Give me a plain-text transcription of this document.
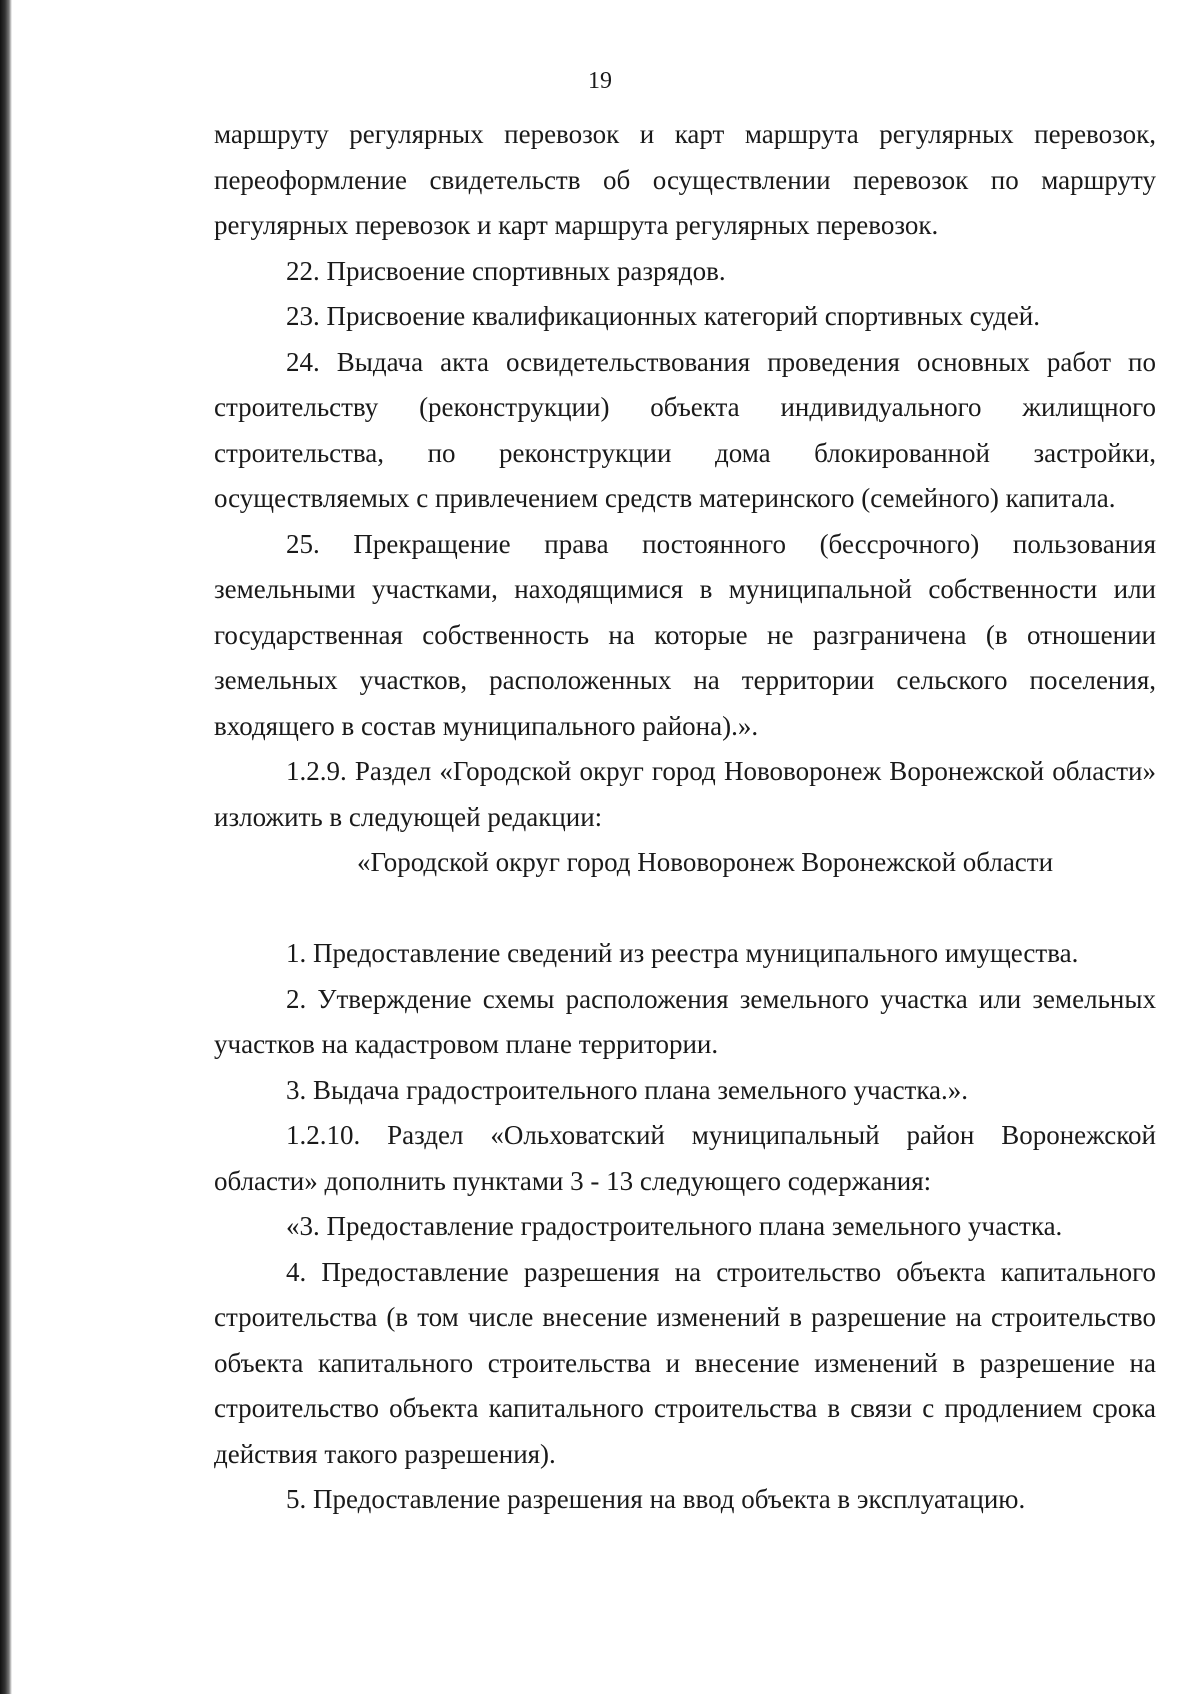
19

маршруту регулярных перевозок и карт маршрута регулярных перевозок, переоформление свидетельств об осуществлении перевозок по маршруту регулярных перевозок и карт маршрута регулярных перевозок.

22. Присвоение спортивных разрядов.

23. Присвоение квалификационных категорий спортивных судей.

24. Выдача акта освидетельствования проведения основных работ по строительству (реконструкции) объекта индивидуального жилищного строительства, по реконструкции дома блокированной застройки, осуществляемых с привлечением средств материнского (семейного) капитала.

25. Прекращение права постоянного (бессрочного) пользования земельными участками, находящимися в муниципальной собственности или государственная собственность на которые не разграничена (в отношении земельных участков, расположенных на территории сельского поселения, входящего в состав муниципального района).».

1.2.9. Раздел «Городской округ город Нововоронеж Воронежской области» изложить в следующей редакции:

«Городской округ город Нововоронеж Воронежской области

1. Предоставление сведений из реестра муниципального имущества.

2. Утверждение схемы расположения земельного участка или земельных участков на кадастровом плане территории.

3. Выдача градостроительного плана земельного участка.».

1.2.10. Раздел «Ольховатский муниципальный район Воронежской области» дополнить пунктами 3 - 13 следующего содержания:

«3. Предоставление градостроительного плана земельного участка.

4. Предоставление разрешения на строительство объекта капитального строительства (в том числе внесение изменений в разрешение на строительство объекта капитального строительства и внесение изменений в разрешение на строительство объекта капитального строительства в связи с продлением срока действия такого разрешения).

5. Предоставление разрешения на ввод объекта в эксплуатацию.
